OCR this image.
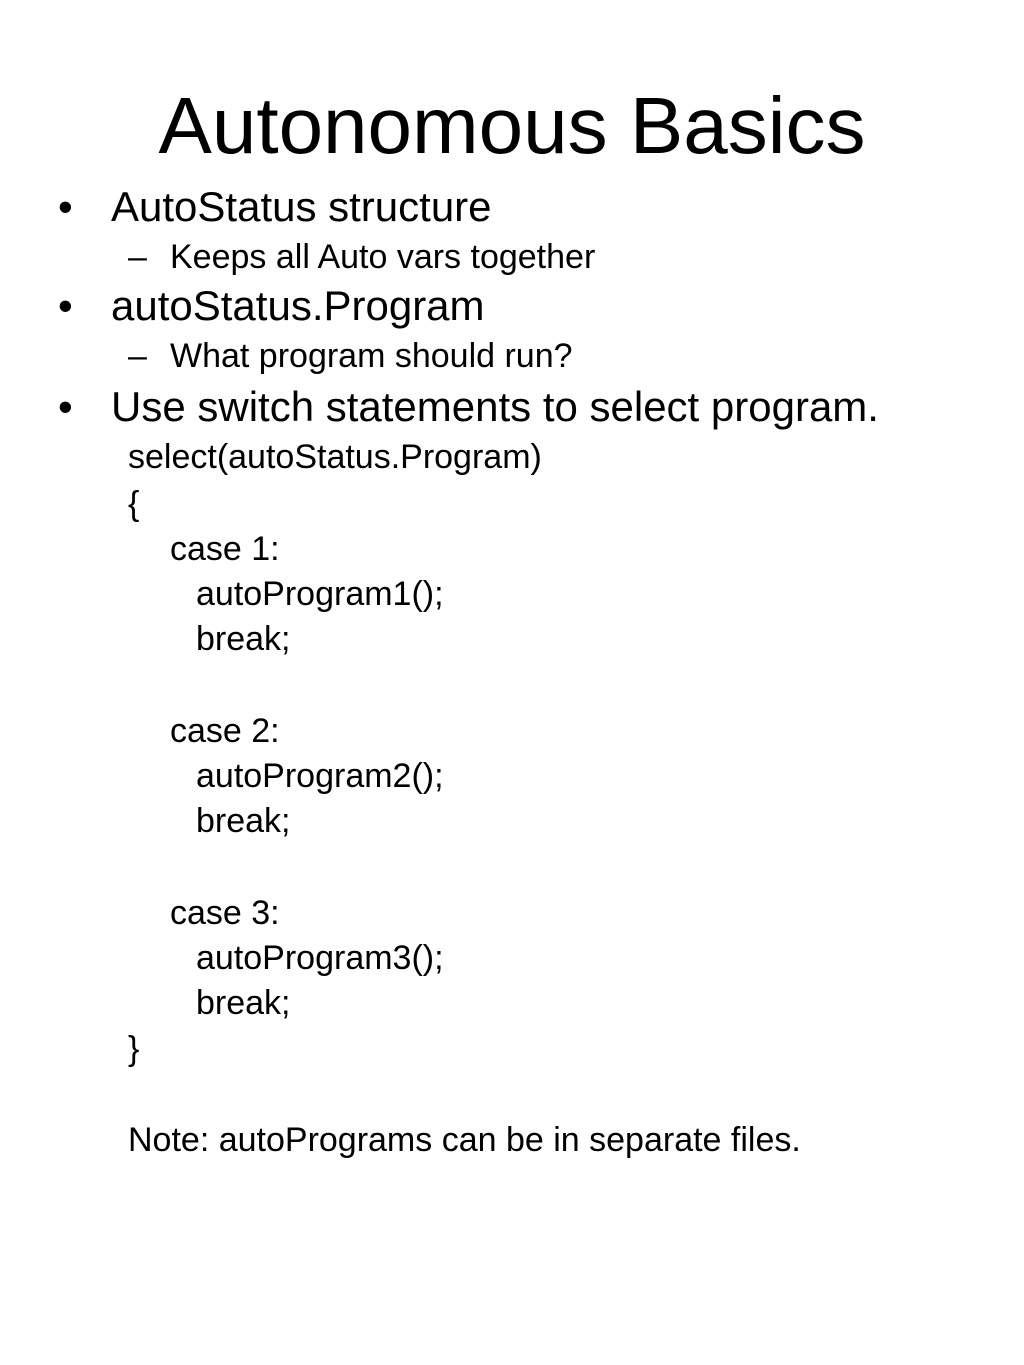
Autonomous Basics
• AutoStatus structure
– Keeps all Auto vars together
• autoStatus.Program
– What program should run?
• Use switch statements to select program.
select(autoStatus.Program)
{
case 1:
autoProgram1();
break;
case 2:
autoProgram2();
break;
case 3:
autoProgram3();
break;
}
Note: autoPrograms can be in separate files.
